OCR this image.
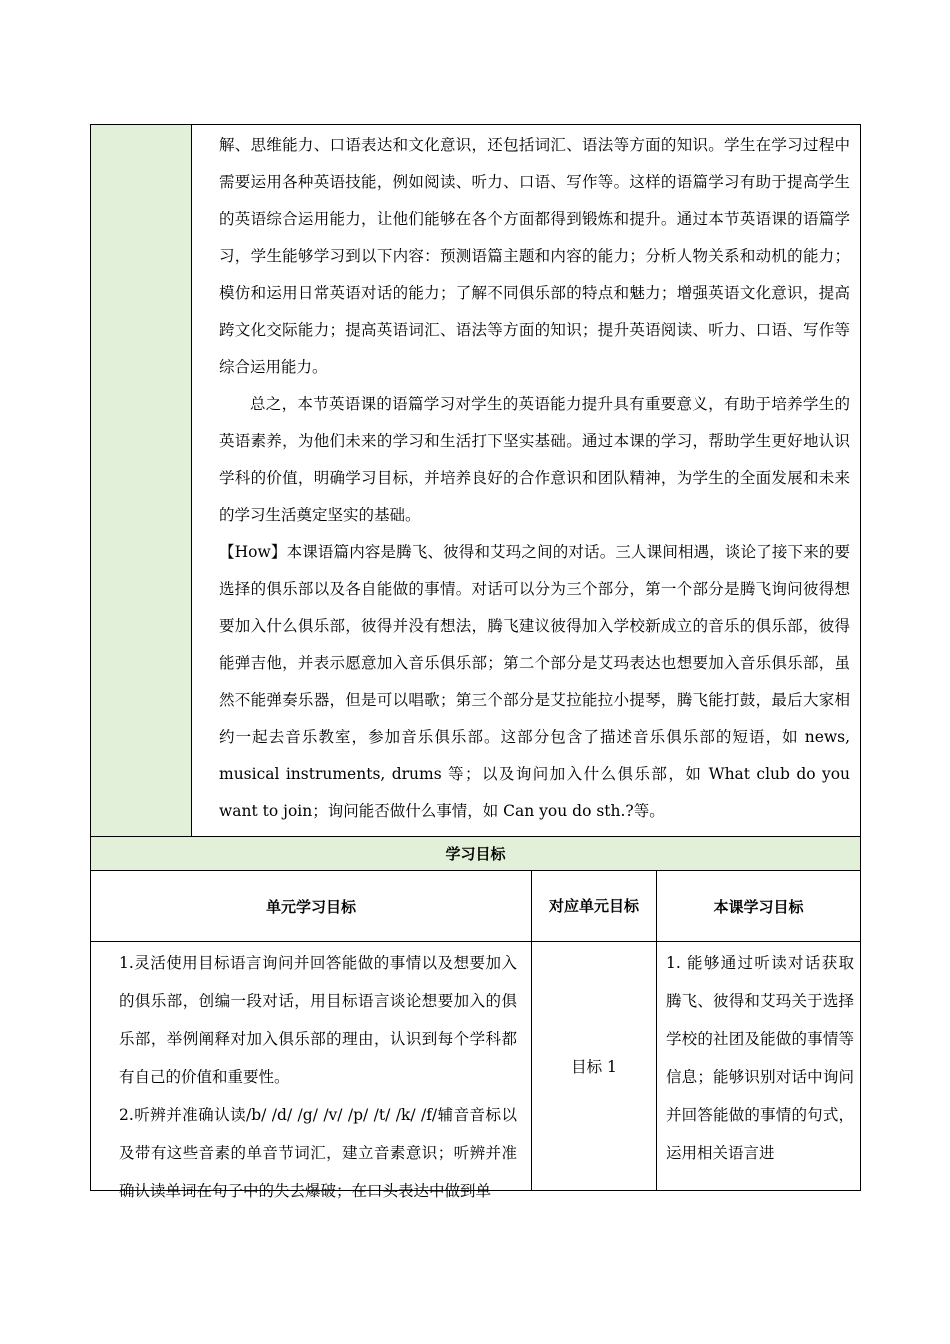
	解、思维能力、口语表达和文化意识，还包括词汇、语法等方面的知识。学生在学习过程中需要运用各种英语技能，例如阅读、听力、口语、写作等。这样的语篇学习有助于提高学生的英语综合运用能力，让他们能够在各个方面都得到锻炼和提升。通过本节英语课的语篇学习，学生能够学习到以下内容：预测语篇主题和内容的能力；分析人物关系和动机的能力；模仿和运用日常英语对话的能力；了解不同俱乐部的特点和魅力；增强英语文化意识，提高跨文化交际能力；提高英语词汇、语法等方面的知识；提升英语阅读、听力、口语、写作等综合运用能力。

总之，本节英语课的语篇学习对学生的英语能力提升具有重要意义，有助于培养学生的英语素养，为他们未来的学习和生活打下坚实基础。通过本课的学习，帮助学生更好地认识学科的价值，明确学习目标，并培养良好的合作意识和团队精神，为学生的全面发展和未来的学习生活奠定坚实的基础。

【How】本课语篇内容是腾飞、彼得和艾玛之间的对话。三人课间相遇，谈论了接下来的要选择的俱乐部以及各自能做的事情。对话可以分为三个部分，第一个部分是腾飞询问彼得想要加入什么俱乐部，彼得并没有想法，腾飞建议彼得加入学校新成立的音乐的俱乐部，彼得能弹吉他，并表示愿意加入音乐俱乐部；第二个部分是艾玛表达也想要加入音乐俱乐部，虽然不能弹奏乐器，但是可以唱歌；第三个部分是艾拉能拉小提琴，腾飞能打鼓，最后大家相约一起去音乐教室，参加音乐俱乐部。这部分包含了描述音乐俱乐部的短语，如 news, musical instruments, drums 等；以及询问加入什么俱乐部，如 What club do you want to join；询问能否做什么事情，如 Can you do sth.?等。		

学习目标			
单元学习目标		对应单元目标	本课学习目标

1.灵活使用目标语言询问并回答能做的事情以及想要加入的俱乐部，创编一段对话，用目标语言谈论想要加入的俱乐部，举例阐释对加入俱乐部的理由，认识到每个学科都有自己的价值和重要性。

2.听辨并准确认读/b/ /d/ /g/ /v/ /p/ /t/ /k/ /f/辅音音标以及带有这些音素的单音节词汇，建立音素意识；听辨并准确认读单词在句子中的失去爆破；在口头表达中做到单		目标 1	1. 能够通过听读对话获取腾飞、彼得和艾玛关于选择学校的社团及能做的事情等信息；能够识别对话中询问并回答能做的事情的句式，运用相关语言进
